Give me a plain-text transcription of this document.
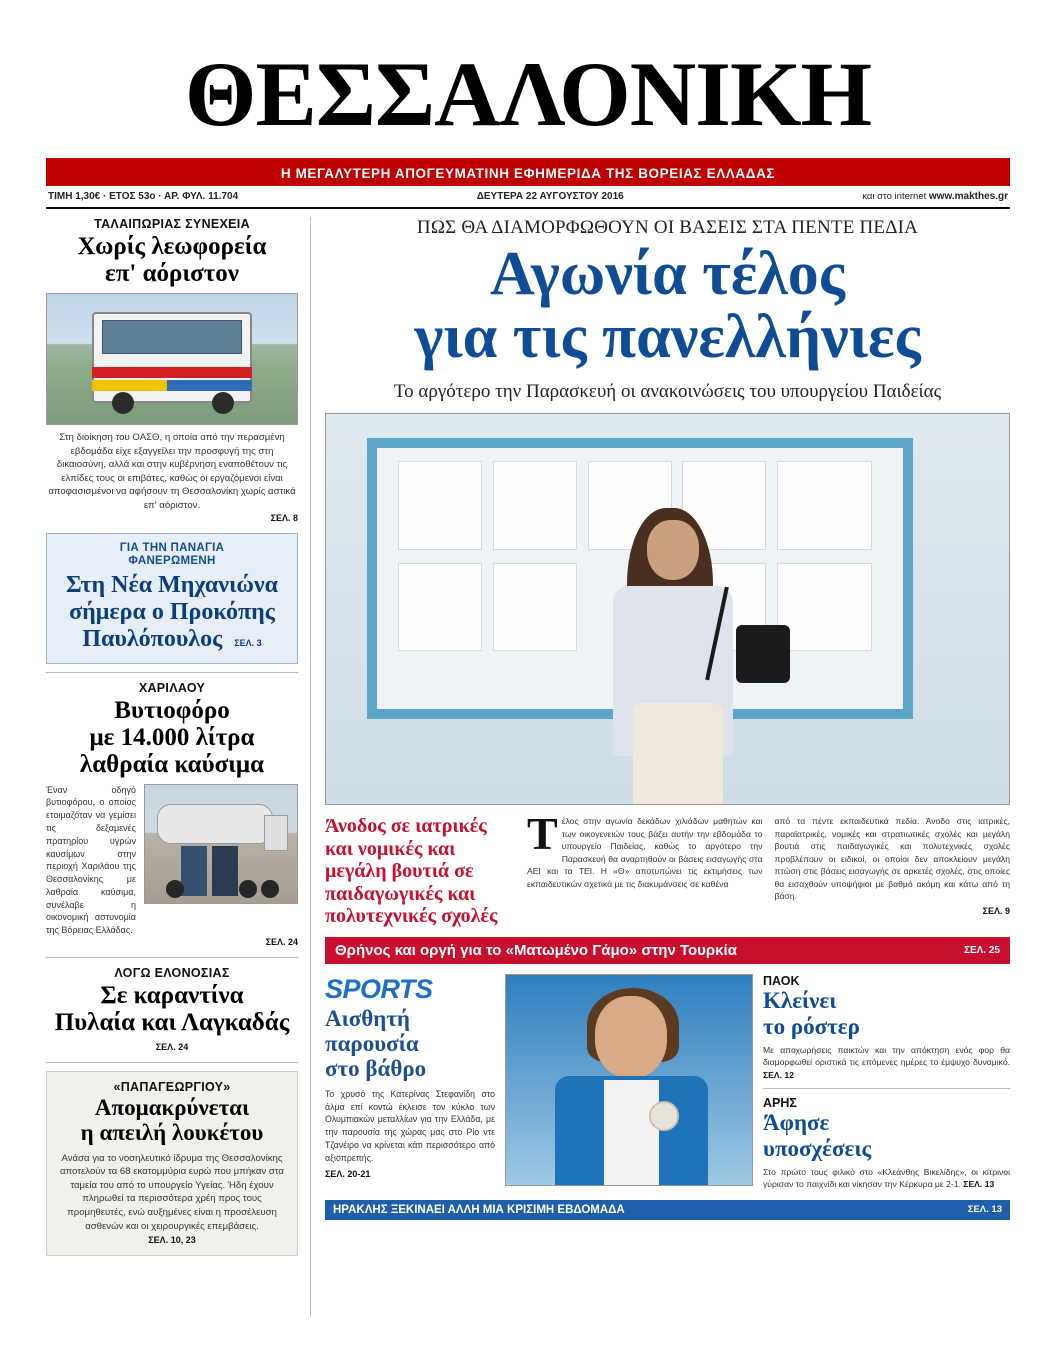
ΘΕΣΣΑΛΟΝΙΚΗ
Η ΜΕΓΑΛΥΤΕΡΗ ΑΠΟΓΕΥΜΑΤΙΝΗ ΕΦΗΜΕΡΙΔΑ ΤΗΣ ΒΟΡΕΙΑΣ ΕΛΛΑΔΑΣ
ΤΙΜΗ 1,30€ · ΕΤΟΣ 53ο · ΑΡ. ΦΥΛ. 11.704	ΔΕΥΤΕΡΑ 22 ΑΥΓΟΥΣΤΟΥ 2016	και στο internet www.makthes.gr
ΤΑΛΑΙΠΩΡΙΑΣ ΣΥΝΕΧΕΙΑ
Χωρίς λεωφορεία
επ' αόριστον
Στη διοίκηση του ΟΑΣΘ, η οποία από την περασμένη εβδομάδα είχε εξαγγείλει την προσφυγή της στη δικαιοσύνη, αλλά και στην κυβέρνηση εναποθέτουν τις ελπίδες τους οι επιβάτες, καθώς οι εργαζόμενοι είναι αποφασισμένοι να αφήσουν τη Θεσσαλονίκη χωρίς αστικά επ' αόριστον.
ΣΕΛ. 8
ΓΙΑ ΤΗΝ ΠΑΝΑΓΙΑ
ΦΑΝΕΡΩΜΕΝΗ
Στη Νέα Μηχανιώνα
σήμερα ο Προκόπης
Παυλόπουλος ΣΕΛ. 3
ΧΑΡΙΛΑΟΥ
Βυτιοφόρο
με 14.000 λίτρα
λαθραία καύσιμα
Έναν οδηγό βυτιοφόρου, ο οποίος ετοιμαζόταν να γεμίσει τις δεξαμενές πρατηρίου υγρών καυσίμων στην περιοχή Χαριλάου της Θεσσαλονίκης με λαθραία καύσιμα, συνέλαβε η οικονομική αστυνομία της Βόρειας Ελλάδας.
ΣΕΛ. 24
ΛΟΓΩ ΕΛΟΝΟΣΙΑΣ
Σε καραντίνα
Πυλαία και Λαγκαδάς
ΣΕΛ. 24
«ΠΑΠΑΓΕΩΡΓΙΟΥ»
Απομακρύνεται
η απειλή λουκέτου
Ανάσα για το νοσηλευτικό ίδρυμα της Θεσσαλονίκης αποτελούν τα 68 εκατομμύρια ευρώ που μπήκαν στα ταμεία του από το υπουργείο Υγείας. Ήδη έχουν πληρωθεί τα περισσότερα χρέη προς τους προμηθευτές, ενώ αυξημένες είναι η προσέλευση ασθενών και οι χειρουργικές επεμβάσεις.
ΣΕΛ. 10, 23
ΠΩΣ ΘΑ ΔΙΑΜΟΡΦΩΘΟΥΝ ΟΙ ΒΑΣΕΙΣ ΣΤΑ ΠΕΝΤΕ ΠΕΔΙΑ
Αγωνία τέλος
για τις πανελλήνιες
Το αργότερο την Παρασκευή οι ανακοινώσεις του υπουργείου Παιδείας
Άνοδος σε ιατρικές και νομικές και μεγάλη βουτιά σε παιδαγωγικές και πολυτεχνικές σχολές
Τέλος στην αγωνία δεκάδων χιλιάδων μαθητών και των οικογενειών τους βάζει αυτήν την εβδομάδα το υπουργείο Παιδείας, καθώς το αργότερο την Παρασκευή θα αναρτηθούν οι βάσεις εισαγωγής στα ΑΕΙ και τα ΤΕΙ. Η «Θ» αποτυπώνει τις εκτιμήσεις των εκπαιδευτικών σχετικά με τις διακυμάνσεις σε καθένα
από τα πέντε εκπαιδευτικά πεδία. Άνοδο στις ιατρικές, παραϊατρικές, νομικές και στρατιωτικές σχολές και μεγάλη βουτιά στις παιδαγωγικές και πολυτεχνικές σχολές προβλέπουν οι ειδικοί, οι οποίοι δεν αποκλείουν μεγάλη πτώση στις βάσεις εισαγωγής σε αρκετές σχολές, στις οποίες θα εισαχθούν υποψήφιοι με βαθμό ακόμη και κάτω από τη βάση.
ΣΕΛ. 9
Θρήνος και οργή για το «Ματωμένο Γάμο» στην Τουρκία	ΣΕΛ. 25
SPORTS
Αισθητή
παρουσία
στο βάθρο
Το χρυσό της Κατερίνας Στεφανίδη στο άλμα επί κοντώ έκλεισε τον κύκλο των Ολυμπιακών μεταλλίων για την Ελλάδα, με την παρουσία της χώρας μας στο Ρίο ντε Τζανέιρο να κρίνεται κάτι περισσότερο από αξιοπρεπής.
ΣΕΛ. 20-21
ΠΑΟΚ
Κλείνει
το ρόστερ
Με αποχωρήσεις παικτών και την απόκτηση ενός φορ θα διαμορφωθεί οριστικά τις επόμενες ημέρες το έμψυχο δυναμικό. ΣΕΛ. 12
ΑΡΗΣ
Άφησε
υποσχέσεις
Στο πρώτο τους φιλικό στο «Κλεάνθης Βικελίδης», οι κίτρινοι γύρισαν το παιχνίδι και νίκησαν την Κέρκυρα με 2-1. ΣΕΛ. 13
ΗΡΑΚΛΗΣ ΞΕΚΙΝΑΕΙ ΑΛΛΗ ΜΙΑ ΚΡΙΣΙΜΗ ΕΒΔΟΜΑΔΑ	ΣΕΛ. 13
